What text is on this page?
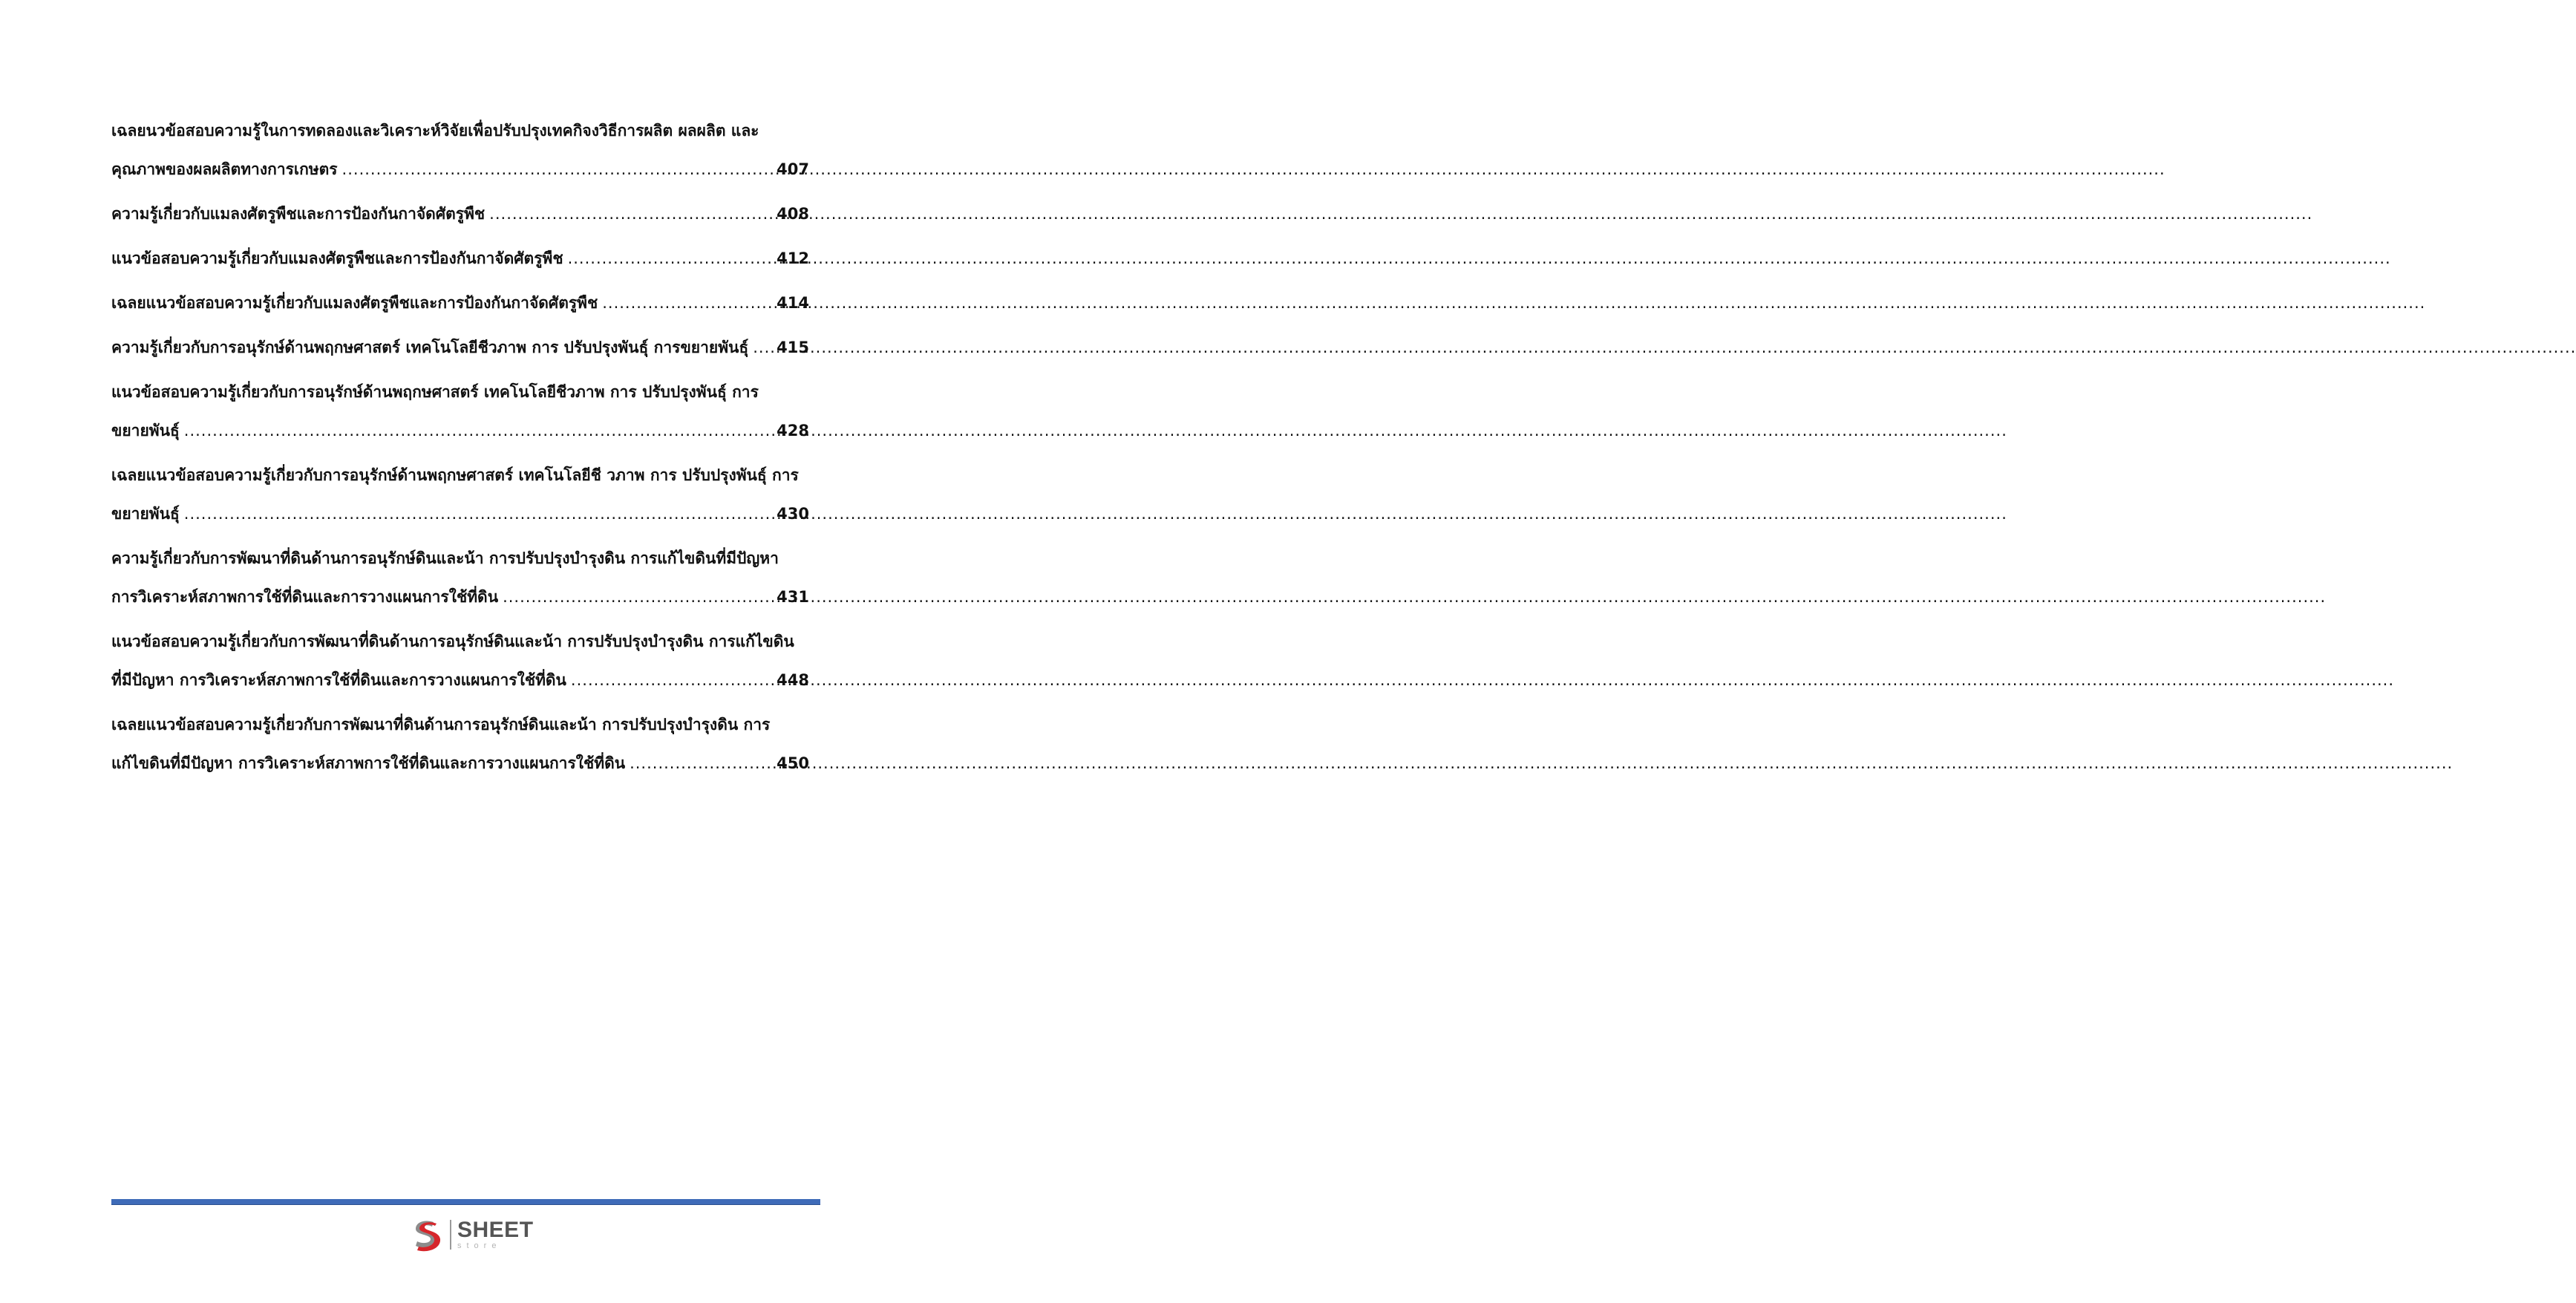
เฉลยนวข้อสอบความรู้ในการทดลองและวิเคราะห์วิจัยเพื่อปรับปรุงเทคกิจงวิธีการผลิต ผลผลิต และ
คุณภาพของผลผลิตทางการเกษตร .....	407
ความรู้เกี่ยวกับแมลงศัตรูพืชและการป้องกันกาจัดศัตรูพืช .....	408
แนวข้อสอบความรู้เกี่ยวกับแมลงศัตรูพืชและการป้องกันกาจัดศัตรูพืช .....	412
เฉลยแนวข้อสอบความรู้เกี่ยวกับแมลงศัตรูพืชและการป้องกันกาจัดศัตรูพืช .....	414
ความรู้เกี่ยวกับการอนุรักษ์ด้านพฤกษศาสตร์ เทคโนโลยีชีวภาพ การ ปรับปรุงพันธุ์ การขยายพันธุ์ ..... 415
แนวข้อสอบความรู้เกี่ยวกับการอนุรักษ์ด้านพฤกษศาสตร์ เทคโนโลยีชีวภาพ การ ปรับปรุงพันธุ์ การ
ขยายพันธุ์ .....	428
เฉลยแนวข้อสอบความรู้เกี่ยวกับการอนุรักษ์ด้านพฤกษศาสตร์ เทคโนโลยีชี วภาพ การ ปรับปรุงพันธุ์ การ
ขยายพันธุ์ .....	430
ความรู้เกี่ยวกับการพัฒนาที่ดินด้านการอนุรักษ์ดินและน้า การปรับปรุงบำรุงดิน การแก้ไขดินที่มีปัญหา
การวิเคราะห์สภาพการใช้ที่ดินและการวางแผนการใช้ที่ดิน .....	431
แนวข้อสอบความรู้เกี่ยวกับการพัฒนาที่ดินด้านการอนุรักษ์ดินและน้า การปรับปรุงบำรุงดิน การแก้ไขดิน
ที่มีปัญหา การวิเคราะห์สภาพการใช้ที่ดินและการวางแผนการใช้ที่ดิน .....	448
เฉลยแนวข้อสอบความรู้เกี่ยวกับการพัฒนาที่ดินด้านการอนุรักษ์ดินและน้า การปรับปรุงบำรุงดิน การ
แก้ไขดินที่มีปัญหา การวิเคราะห์สภาพการใช้ที่ดินและการวางแผนการใช้ที่ดิน .....	450
SHEET
store
